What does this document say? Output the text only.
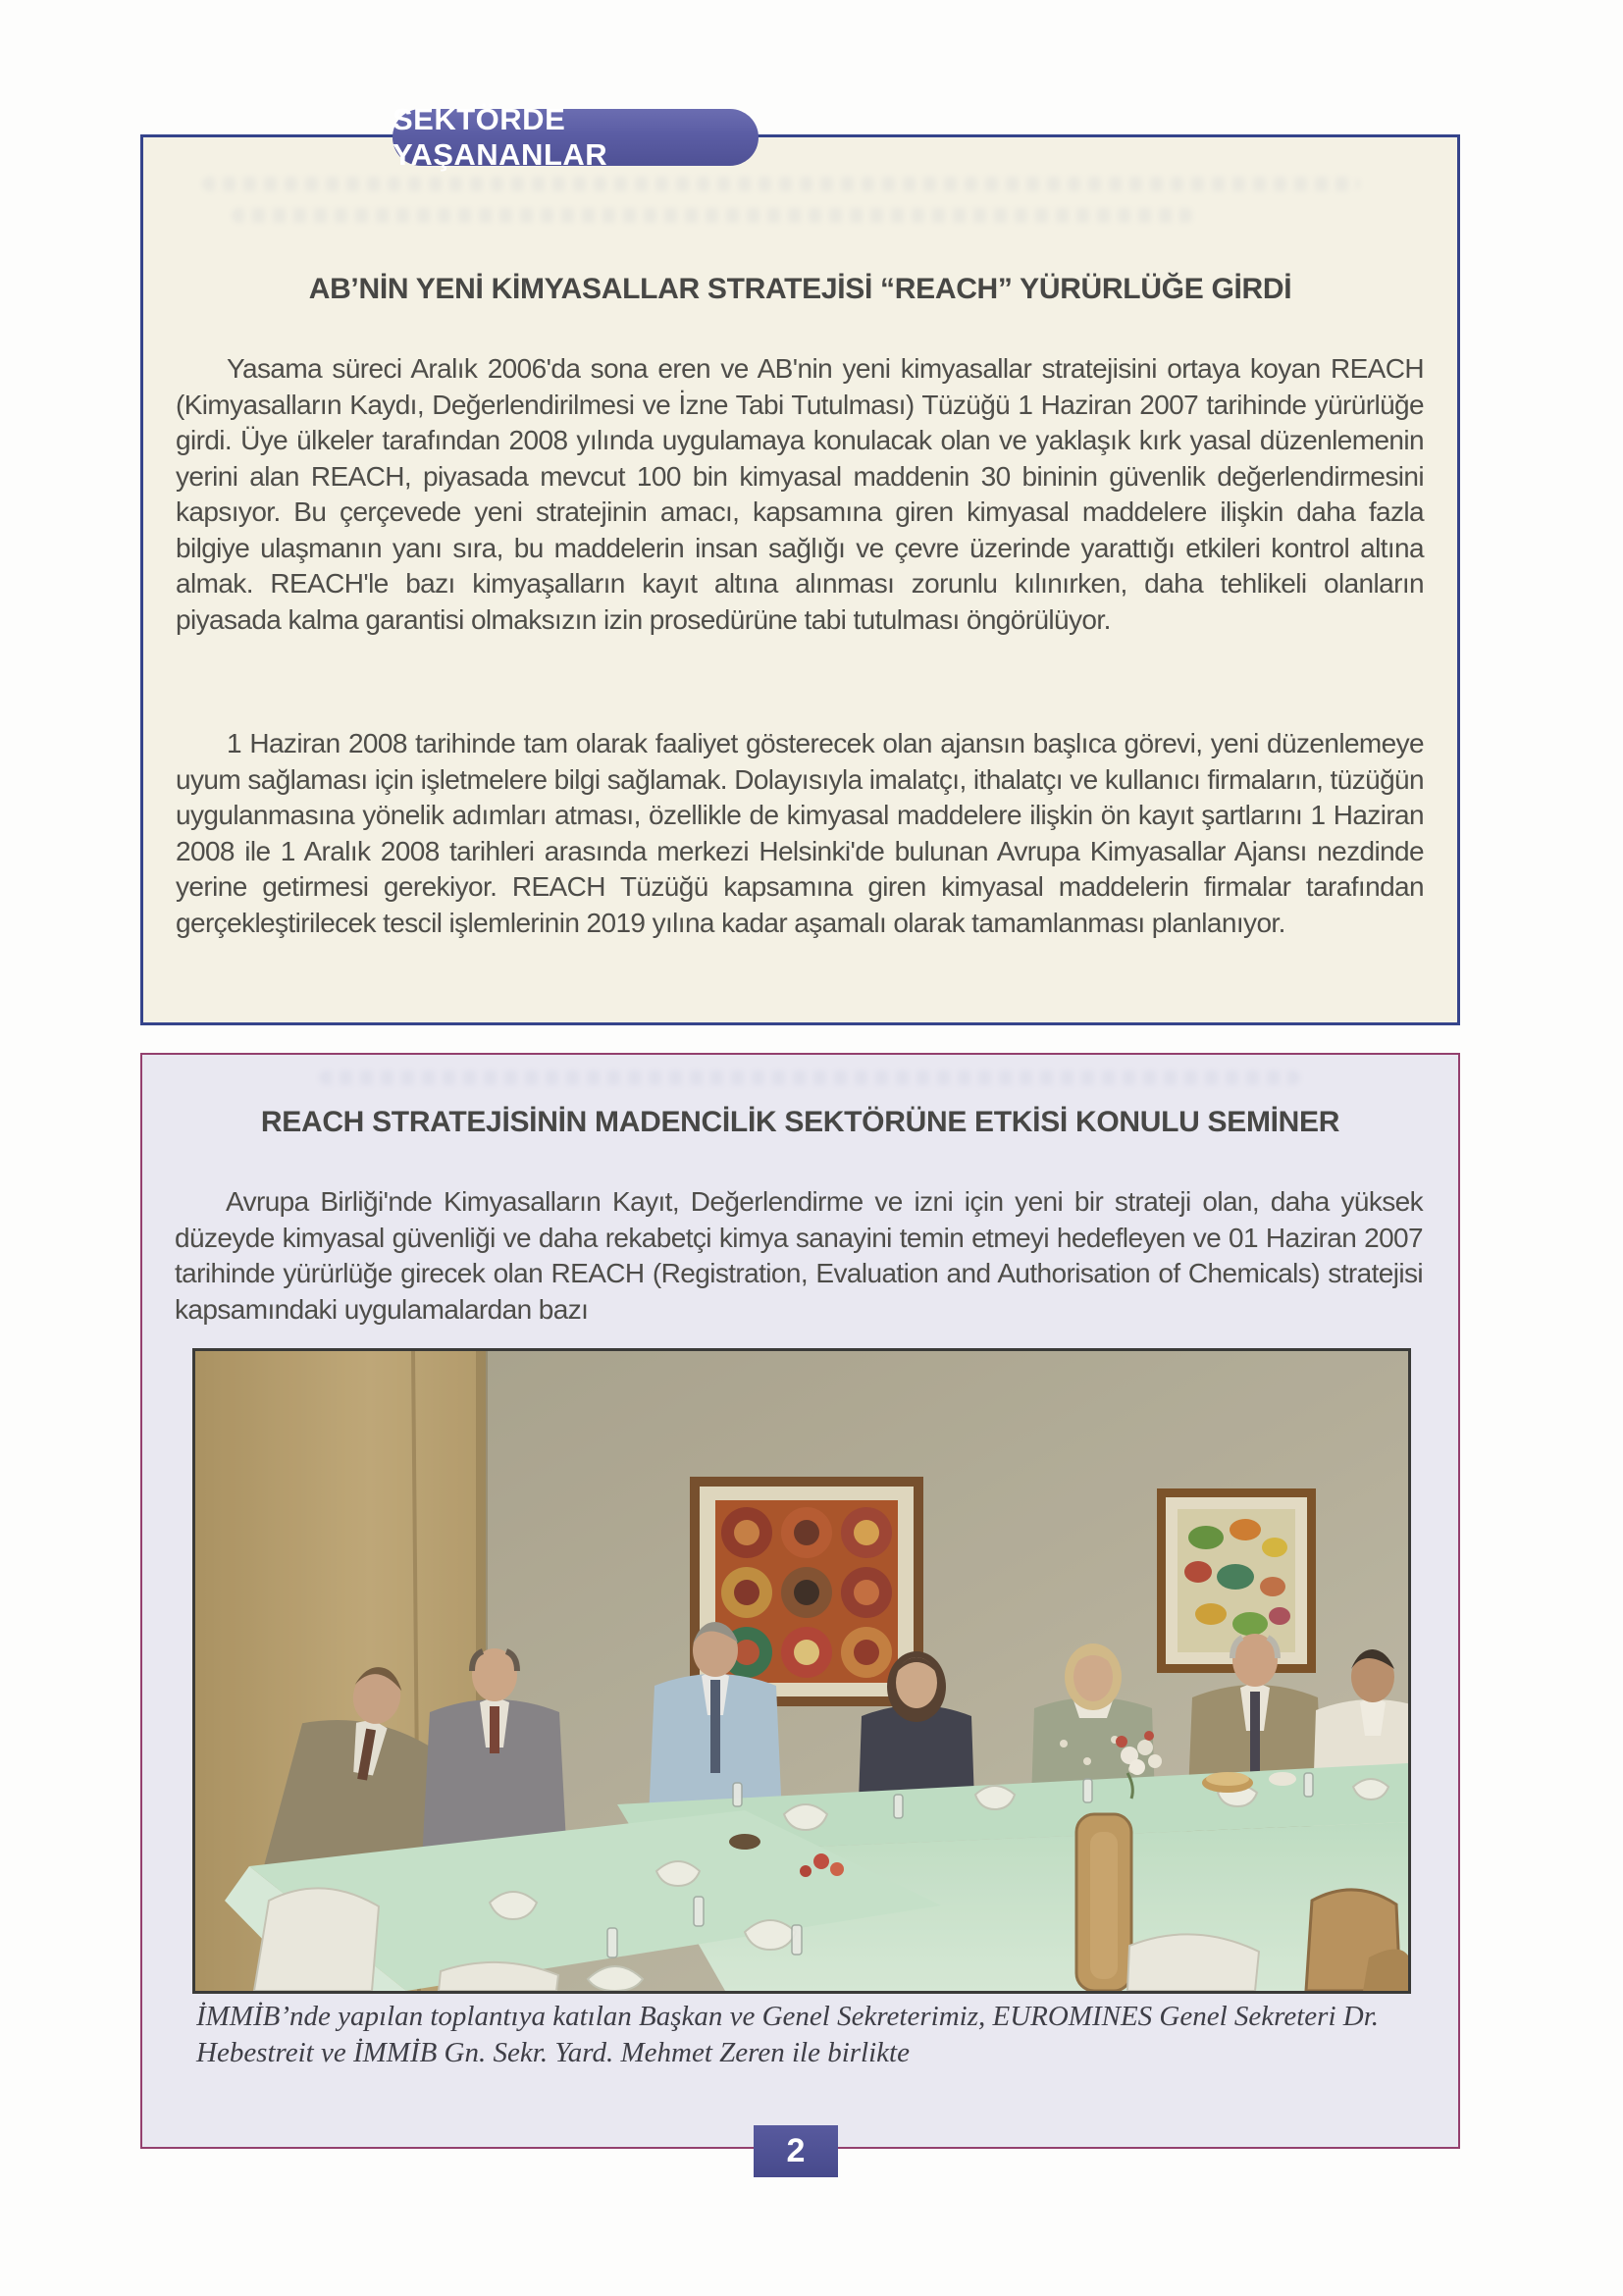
SEKTÖRDE YAŞANANLAR
AB’NİN YENİ KİMYASALLAR STRATEJİSİ “REACH” YÜRÜRLÜĞE GİRDİ

Yasama süreci Aralık 2006'da sona eren ve AB'nin yeni kimyasallar stratejisini ortaya koyan REACH (Kimyasalların Kaydı, Değerlendirilmesi ve İzne Tabi Tutulması) Tüzüğü 1 Haziran 2007 tarihinde yürürlüğe girdi. Üye ülkeler tarafından 2008 yılında uygulamaya konulacak olan ve yaklaşık kırk yasal düzenlemenin yerini alan REACH, piyasada mevcut 100 bin kimyasal maddenin 30 bininin güvenlik değerlendirmesini kapsıyor. Bu çerçevede yeni stratejinin amacı, kapsamına giren kimyasal maddelere ilişkin daha fazla bilgiye ulaşmanın yanı sıra, bu maddelerin insan sağlığı ve çevre üzerinde yarattığı etkileri kontrol altına almak. REACH'le bazı kimyaşalların kayıt altına alınması zorunlu kılınırken, daha tehlikeli olanların piyasada kalma garantisi olmaksızın izin prosedürüne tabi tutulması öngörülüyor.

1 Haziran 2008 tarihinde tam olarak faaliyet gösterecek olan ajansın başlıca görevi, yeni düzenlemeye uyum sağlaması için işletmelere bilgi sağlamak. Dolayısıyla imalatçı, ithalatçı ve kullanıcı firmaların, tüzüğün uygulanmasına yönelik adımları atması, özellikle de kimyasal maddelere ilişkin ön kayıt şartlarını 1 Haziran 2008 ile 1 Aralık 2008 tarihleri arasında merkezi Helsinki'de bulunan Avrupa Kimyasallar Ajansı nezdinde yerine getirmesi gerekiyor. REACH Tüzüğü kapsamına giren kimyasal maddelerin firmalar tarafından gerçekleştirilecek tescil işlemlerinin 2019 yılına kadar aşamalı olarak tamamlanması planlanıyor.

REACH STRATEJİSİNİN MADENCİLİK SEKTÖRÜNE ETKİSİ KONULU SEMİNER

Avrupa Birliği'nde Kimyasalların Kayıt, Değerlendirme ve izni için yeni bir strateji olan, daha yüksek düzeyde kimyasal güvenliği ve daha rekabetçi kimya sanayini temin etmeyi hedefleyen ve 01 Haziran 2007 tarihinde yürürlüğe girecek olan REACH (Registration, Evaluation and Authorisation of Chemicals) stratejisi kapsamındaki uygulamalardan bazı

İMMİB’nde yapılan toplantıya katılan Başkan ve Genel Sekreterimiz, EUROMINES Genel Sekreteri Dr. Hebestreit ve İMMİB Gn. Sekr. Yard. Mehmet Zeren ile birlikte
2
